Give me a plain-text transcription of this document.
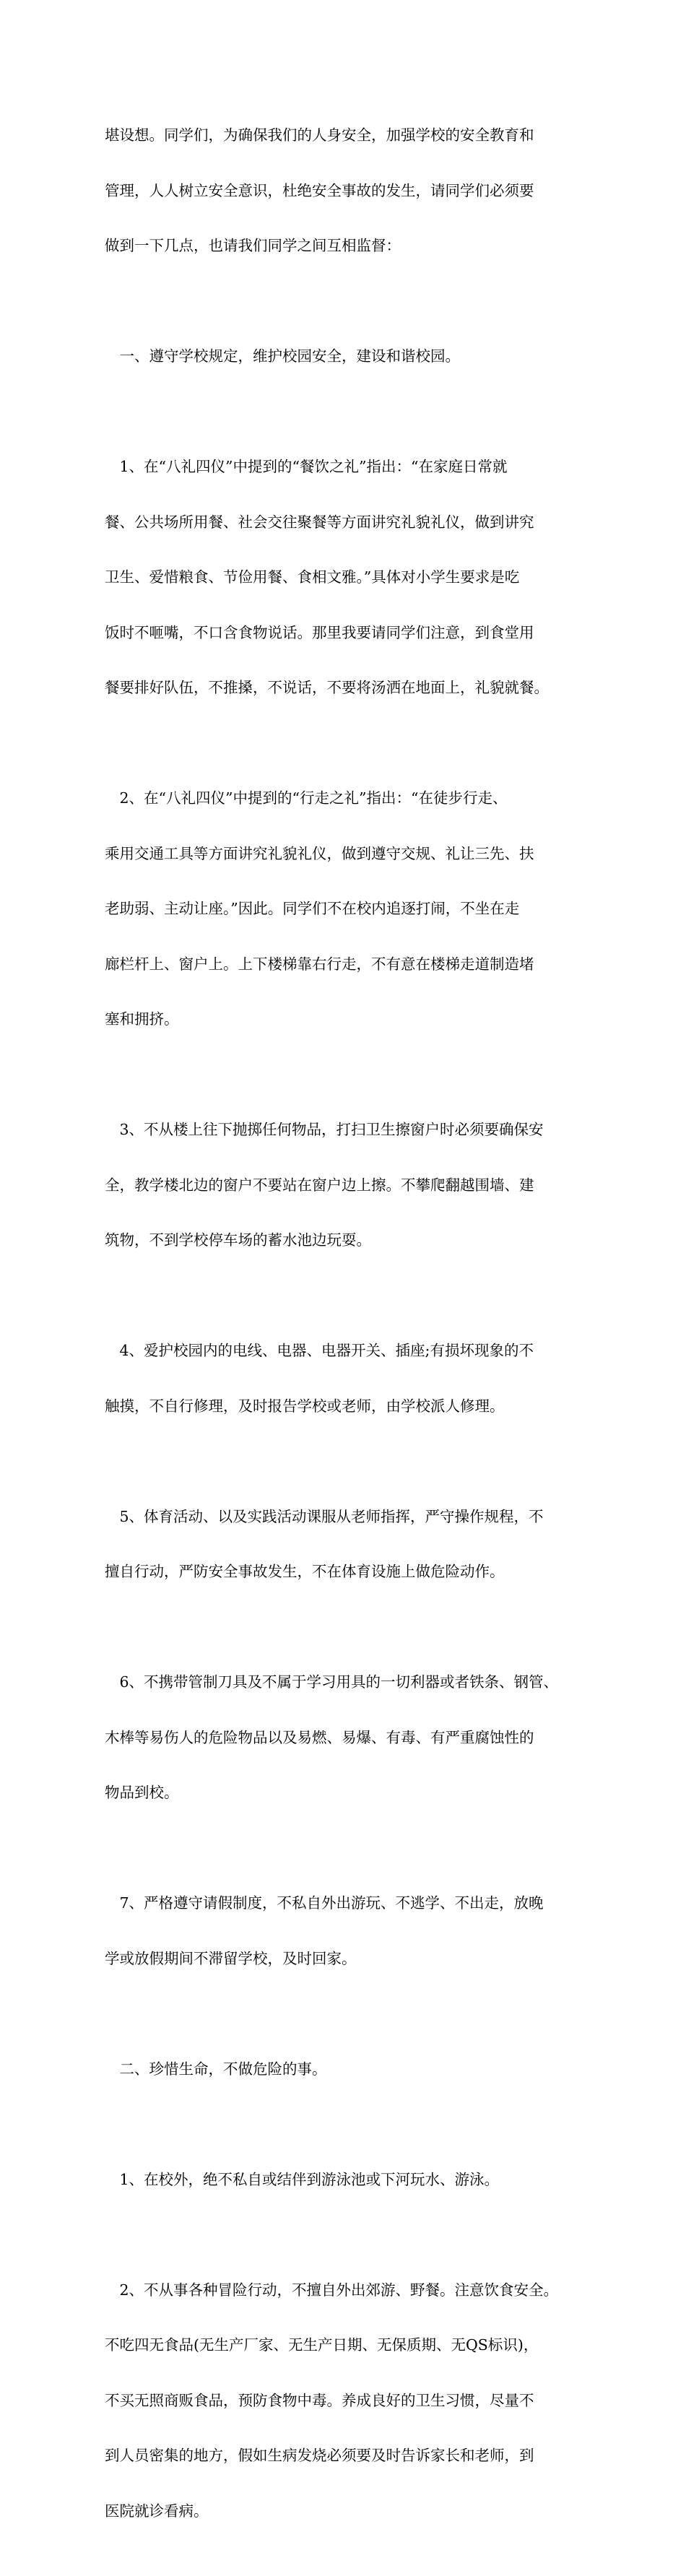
堪设想。同学们，为确保我们的人身安全，加强学校的安全教育和

管理，人人树立安全意识，杜绝安全事故的发生，请同学们必须要

做到一下几点，也请我们同学之间互相监督：

　一、遵守学校规定，维护校园安全，建设和谐校园。

　1、在“八礼四仪”中提到的“餐饮之礼”指出：“在家庭日常就

餐、公共场所用餐、社会交往聚餐等方面讲究礼貌礼仪，做到讲究

卫生、爱惜粮食、节俭用餐、食相文雅。”具体对小学生要求是吃

饭时不咂嘴，不口含食物说话。那里我要请同学们注意，到食堂用

餐要排好队伍，不推搡，不说话，不要将汤洒在地面上，礼貌就餐。

　2、在“八礼四仪”中提到的“行走之礼”指出：“在徒步行走、

乘用交通工具等方面讲究礼貌礼仪，做到遵守交规、礼让三先、扶

老助弱、主动让座。”因此。同学们不在校内追逐打闹，不坐在走

廊栏杆上、窗户上。上下楼梯靠右行走，不有意在楼梯走道制造堵

塞和拥挤。

　3、不从楼上往下抛掷任何物品，打扫卫生擦窗户时必须要确保安

全，教学楼北边的窗户不要站在窗户边上擦。不攀爬翻越围墙、建

筑物，不到学校停车场的蓄水池边玩耍。

　4、爱护校园内的电线、电器、电器开关、插座;有损坏现象的不

触摸，不自行修理，及时报告学校或老师，由学校派人修理。

　5、体育活动、以及实践活动课服从老师指挥，严守操作规程，不

擅自行动，严防安全事故发生，不在体育设施上做危险动作。

　6、不携带管制刀具及不属于学习用具的一切利器或者铁条、钢管、

木棒等易伤人的危险物品以及易燃、易爆、有毒、有严重腐蚀性的

物品到校。

　7、严格遵守请假制度，不私自外出游玩、不逃学、不出走，放晚

学或放假期间不滞留学校，及时回家。

　二、珍惜生命，不做危险的事。

　1、在校外，绝不私自或结伴到游泳池或下河玩水、游泳。

　2、不从事各种冒险行动，不擅自外出郊游、野餐。注意饮食安全。

不吃四无食品(无生产厂家、无生产日期、无保质期、无QS标识)，

不买无照商贩食品，预防食物中毒。养成良好的卫生习惯，尽量不

到人员密集的地方，假如生病发烧必须要及时告诉家长和老师，到

医院就诊看病。
